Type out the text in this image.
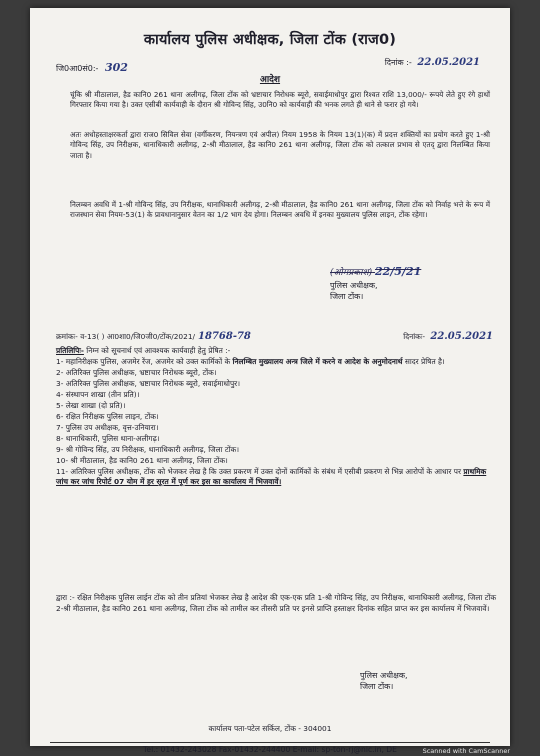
कार्यालय पुलिस अधीक्षक, जिला टोंक (राज0)
जि0आ0सं0:- 302	दिनांक :- 22.05.2021
आदेश

चूंकि श्री मीठालाल, हैड कानि0 261 थाना अलीगढ़, जिला टोंक को भ्रष्टाचार निरोधक ब्यूरो, सवाईमाधोपुर द्वारा रिश्वत राशि 13,000/- रूपये लेते हुए रंगे हाथों गिरफ्तार किया गया है। उक्त एसीबी कार्यवाही के दौरान श्री गोविन्द सिंह, उ0नि0 को कार्यवाही की भनक लगते ही थाने से फरार हो गये।

अतः अधोहस्ताक्षरकर्ता द्वारा राज0 सिविल सेवा (वर्गीकरण, नियन्त्रण एवं अपील) नियम 1958 के नियम 13(1)(क) में प्रदत्त शक्तियों का प्रयोग करते हुए 1-श्री गोविन्द सिंह, उप निरीक्षक, थानाधिकारी अलीगढ़, 2-श्री मीठालाल, हैड कानि0 261 थाना अलीगढ़, जिला टोंक को तत्काल प्रभाव से एतद् द्वारा निलम्बित किया जाता है।

निलम्बन अवधि में 1-श्री गोविन्द सिंह, उप निरीक्षक, थानाधिकारी अलीगढ़, 2-श्री मीठालाल, हैड कानि0 261 थाना अलीगढ़, जिला टोंक को निर्वाह भत्ते के रूप में राजस्थान सेवा नियम-53(1) के प्रावधानानुसार वेतन का 1/2 भाग देय होगा। निलम्बन अवधि में इनका मुख्यालय पुलिस लाइन, टोंक रहेगा।

(ओमप्रकाश) 22/5/21
पुलिस अधीक्षक,
जिला टोंक।
क्रमांकः- व-13( ) आ0शा0/जि0जी0/टोंक/2021/ 18768-78	दिनांकः- 22.05.2021
प्रतिलिपिः- निम्न को सूचनार्थ एवं आवश्यक कार्यवाही हेतु प्रेषित :-
1- महानिरीक्षक पुलिस, अजमेर रेंज, अजमेर को उक्त कार्मिकों के निलम्बित मुख्यालय अन्त्र जिले में करने व आदेश के अनुमोदनार्थ सादर प्रेषित है।
2- अतिरिक्त पुलिस अधीक्षक, भ्रष्टाचार निरोधक ब्यूरो, टोंक।
3- अतिरिक्त पुलिस अधीक्षक, भ्रष्टाचार निरोधक ब्यूरो, सवाईमाधोपुर।
4- संस्थापन शाखा (तीन प्रति)।
5- लेखा शाखा (दो प्रति)।
6- रक्षित निरीक्षक पुलिस लाइन, टोंक।
7- पुलिस उप अधीक्षक, वृत्त-उनियारा।
8- थानाधिकारी, पुलिस थाना-अलीगढ़।
9- श्री गोविन्द सिंह, उप निरीक्षक, थानाधिकारी अलीगढ़, जिला टोंक।
10- श्री मीठालाल, हैड कानि0 261 थाना अलीगढ़, जिला टोंक।
11- अतिरिक्त पुलिस अधीक्षक, टोंक को भेजकर लेख है कि उक्त प्रकरण में उक्त दोनों कार्मिकों के संबंध में एसीबी प्रकरण से भिन्न आरोपों के आधार पर प्राथमिक जांच कर जांच रिपोर्ट 07 योम में हर सूरत में पूर्ण कर इस का कार्यालय में भिजवावें।
द्वारा :- रक्षित निरीक्षक पुलिस लाईन टोंक को तीन प्रतियां भेजकर लेख है आदेश की एक-एक प्रति 1-श्री गोविन्द सिंह, उप निरीक्षक, थानाधिकारी अलीगढ़, जिला टोंक 2-श्री मीठालाल, हैड कानि0 261 थाना अलीगढ़, जिला टोंक को तामील कर तीसरी प्रति पर इनसे प्राप्ति हस्ताक्षर दिनांक सहित प्राप्त कर इस कार्यालय में भिजवावें।
पुलिस अधीक्षक,
जिला टोंक।
कार्यालय पता-पटेल सर्किल, टोंक - 304001
Tel.: 01432-243028 Fax-01432-244400 E-mail: sp-ton-rj@nic.in, DE	Scanned with CamScanner
